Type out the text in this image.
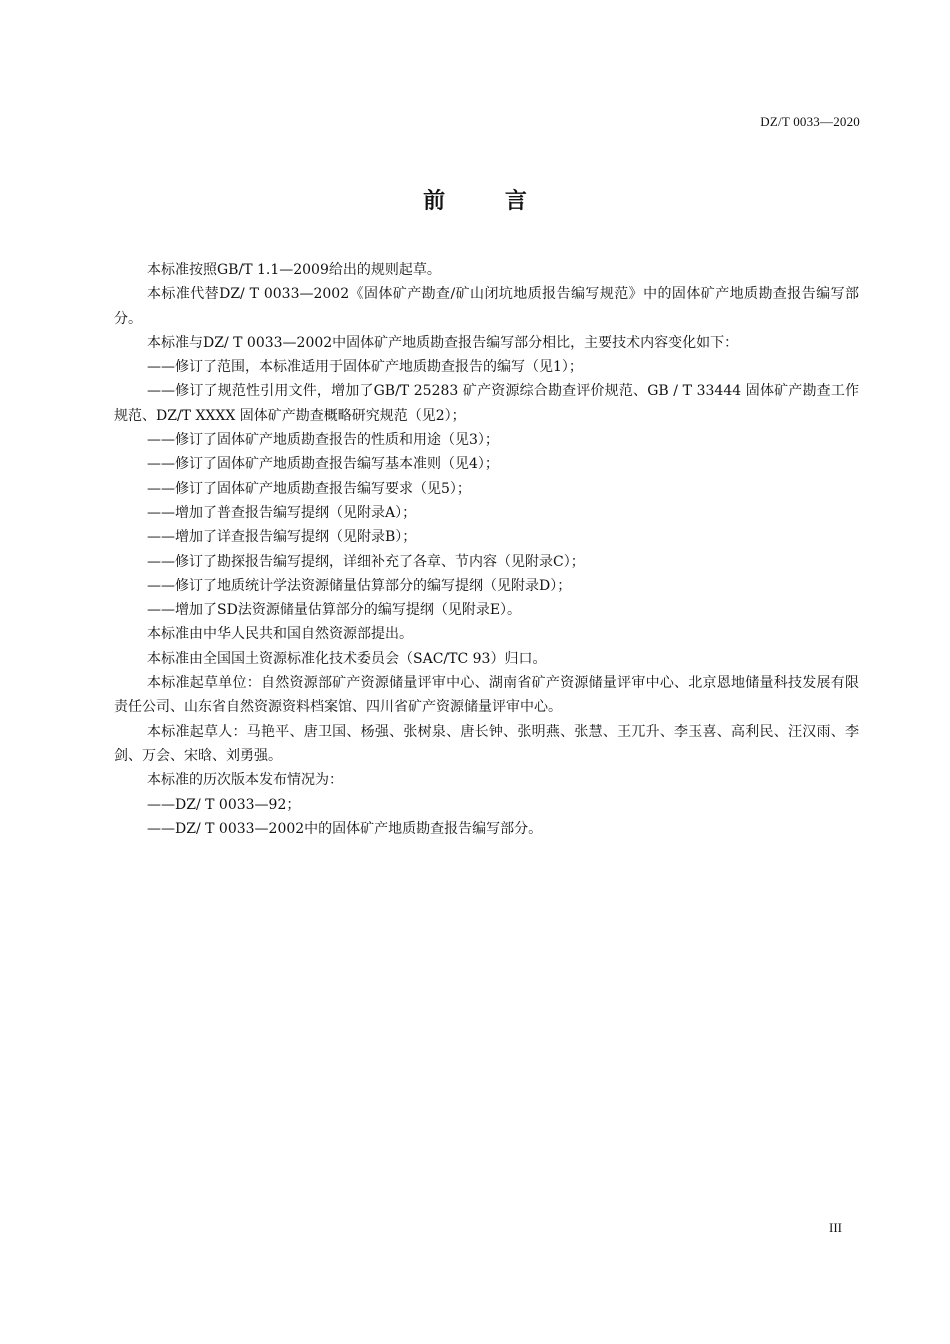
DZ/T 0033—2020
前 言

本标准按照GB/T 1.1—2009给出的规则起草。

本标准代替DZ/ T 0033—2002《固体矿产勘查/矿山闭坑地质报告编写规范》中的固体矿产地质勘查报告编写部分。

本标准与DZ/ T 0033—2002中固体矿产地质勘查报告编写部分相比，主要技术内容变化如下：

——修订了范围，本标准适用于固体矿产地质勘查报告的编写（见1）；

——修订了规范性引用文件，增加了GB/T 25283 矿产资源综合勘查评价规范、GB / T 33444 固体矿产勘查工作规范、DZ/T XXXX 固体矿产勘查概略研究规范（见2）；

——修订了固体矿产地质勘查报告的性质和用途（见3）；

——修订了固体矿产地质勘查报告编写基本准则（见4）；

——修订了固体矿产地质勘查报告编写要求（见5）；

——增加了普查报告编写提纲（见附录A）；

——增加了详查报告编写提纲（见附录B）；

——修订了勘探报告编写提纲，详细补充了各章、节内容（见附录C）；

——修订了地质统计学法资源储量估算部分的编写提纲（见附录D）；

——增加了SD法资源储量估算部分的编写提纲（见附录E）。

本标准由中华人民共和国自然资源部提出。

本标准由全国国土资源标准化技术委员会（SAC/TC 93）归口。

本标准起草单位：自然资源部矿产资源储量评审中心、湖南省矿产资源储量评审中心、北京恩地储量科技发展有限责任公司、山东省自然资源资料档案馆、四川省矿产资源储量评审中心。

本标准起草人：马艳平、唐卫国、杨强、张树泉、唐长钟、张明燕、张慧、王兀升、李玉喜、高利民、汪汉雨、李剑、万会、宋晗、刘勇强。

本标准的历次版本发布情况为：

——DZ/ T 0033—92；

——DZ/ T 0033—2002中的固体矿产地质勘查报告编写部分。

III
